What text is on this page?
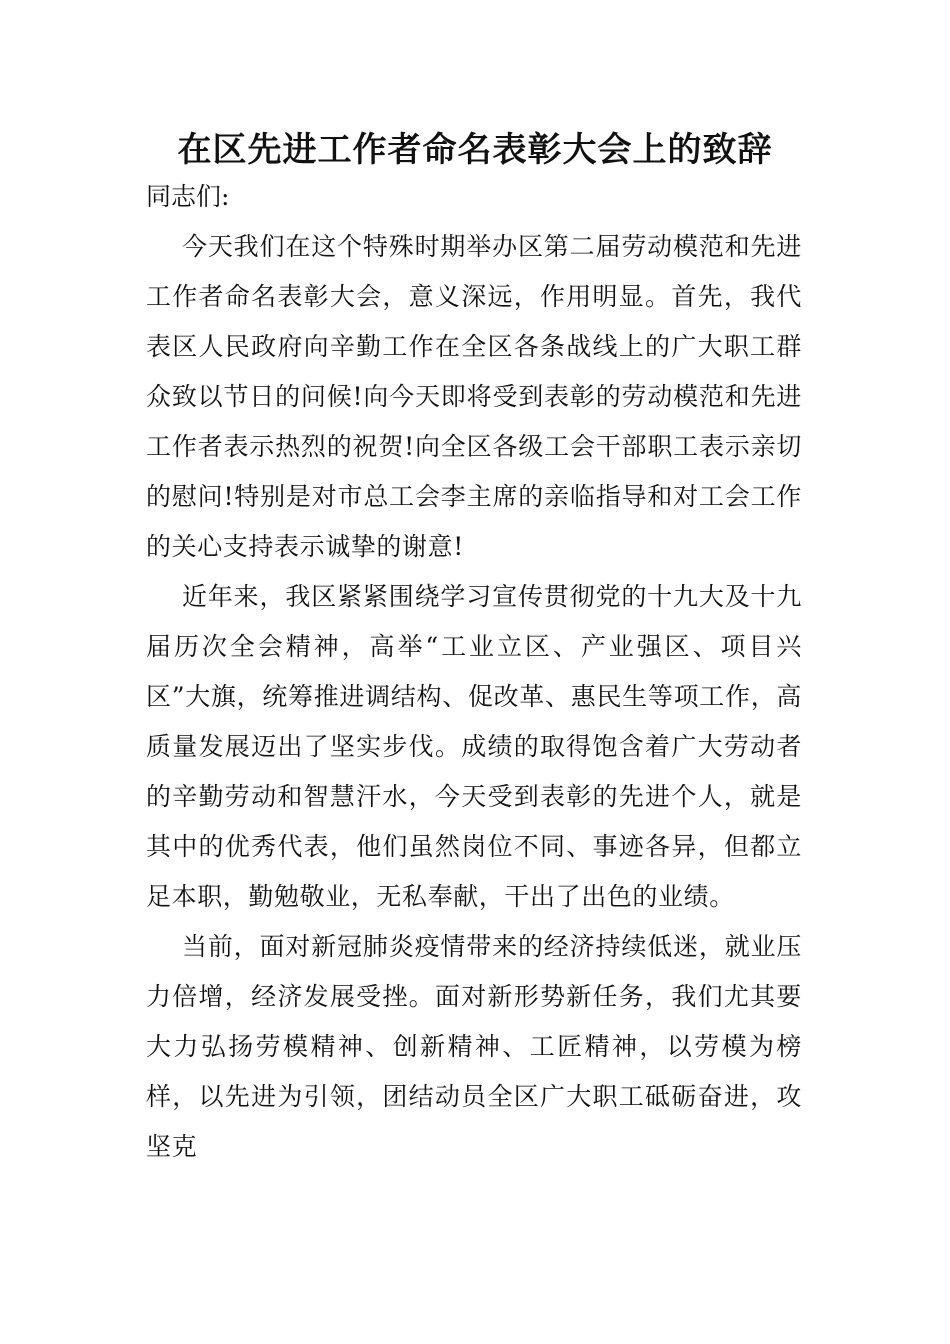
在区先进工作者命名表彰大会上的致辞

同志们:

今天我们在这个特殊时期举办区第二届劳动模范和先进工作者命名表彰大会，意义深远，作用明显。首先，我代表区人民政府向辛勤工作在全区各条战线上的广大职工群众致以节日的问候!向今天即将受到表彰的劳动模范和先进工作者表示热烈的祝贺!向全区各级工会干部职工表示亲切的慰问!特别是对市总工会李主席的亲临指导和对工会工作的关心支持表示诚挚的谢意!

近年来，我区紧紧围绕学习宣传贯彻党的十九大及十九届历次全会精神，高举“工业立区、产业强区、项目兴区”大旗，统筹推进调结构、促改革、惠民生等项工作，高质量发展迈出了坚实步伐。成绩的取得饱含着广大劳动者的辛勤劳动和智慧汗水，今天受到表彰的先进个人，就是其中的优秀代表，他们虽然岗位不同、事迹各异，但都立足本职，勤勉敬业，无私奉献，干出了出色的业绩。

当前，面对新冠肺炎疫情带来的经济持续低迷，就业压力倍增，经济发展受挫。面对新形势新任务，我们尤其要大力弘扬劳模精神、创新精神、工匠精神，以劳模为榜样，以先进为引领，团结动员全区广大职工砥砺奋进，攻坚克
